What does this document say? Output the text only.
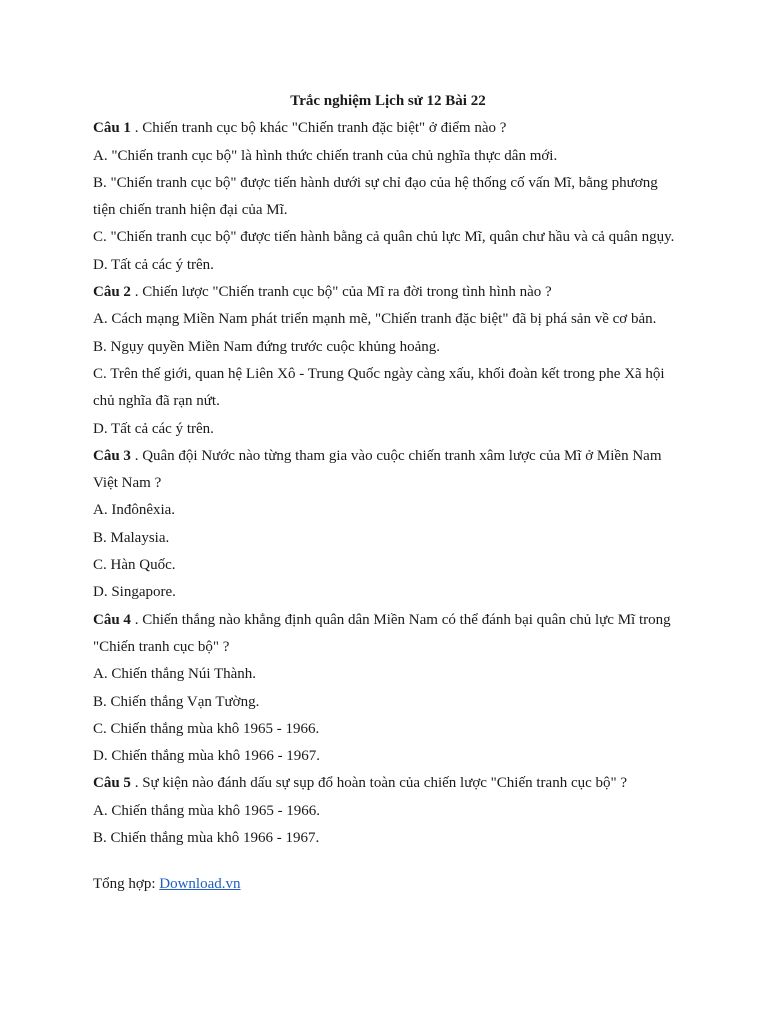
Trắc nghiệm Lịch sử 12 Bài 22

Câu 1 . Chiến tranh cục bộ khác "Chiến tranh đặc biệt" ở điểm nào ?

A. "Chiến tranh cục bộ" là hình thức chiến tranh của chủ nghĩa thực dân mới.

B. "Chiến tranh cục bộ" được tiến hành dưới sự chỉ đạo của hệ thống cố vấn Mĩ, bằng phương tiện chiến tranh hiện đại của Mĩ.

C. "Chiến tranh cục bộ" được tiến hành bằng cả quân chủ lực Mĩ, quân chư hầu và cả quân ngụy.

D. Tất cả các ý trên.

Câu 2 . Chiến lược "Chiến tranh cục bộ" của Mĩ ra đời trong tình hình nào ?

A. Cách mạng Miền Nam phát triển mạnh mẽ, "Chiến tranh đặc biệt" đã bị phá sản về cơ bản.

B. Ngụy quyền Miền Nam đứng trước cuộc khủng hoảng.

C. Trên thế giới, quan hệ Liên Xô - Trung Quốc ngày càng xấu, khối đoàn kết trong phe Xã hội chủ nghĩa đã rạn nứt.

D. Tất cả các ý trên.

Câu 3 . Quân đội Nước nào từng tham gia vào cuộc chiến tranh xâm lược của Mĩ ở Miền Nam Việt Nam ?

A. Inđônêxia.

B. Malaysia.

C. Hàn Quốc.

D. Singapore.

Câu 4 . Chiến thắng nào khẳng định quân dân Miền Nam có thể đánh bại quân chủ lực Mĩ trong "Chiến tranh cục bộ" ?

A. Chiến thắng Núi Thành.

B. Chiến thắng Vạn Tường.

C. Chiến thắng mùa khô 1965 - 1966.

D. Chiến thắng mùa khô 1966 - 1967.

Câu 5 . Sự kiện nào đánh dấu sự sụp đổ hoàn toàn của chiến lược "Chiến tranh cục bộ" ?

A. Chiến thắng mùa khô 1965 - 1966.

B. Chiến thắng mùa khô 1966 - 1967.

Tổng hợp: Download.vn
